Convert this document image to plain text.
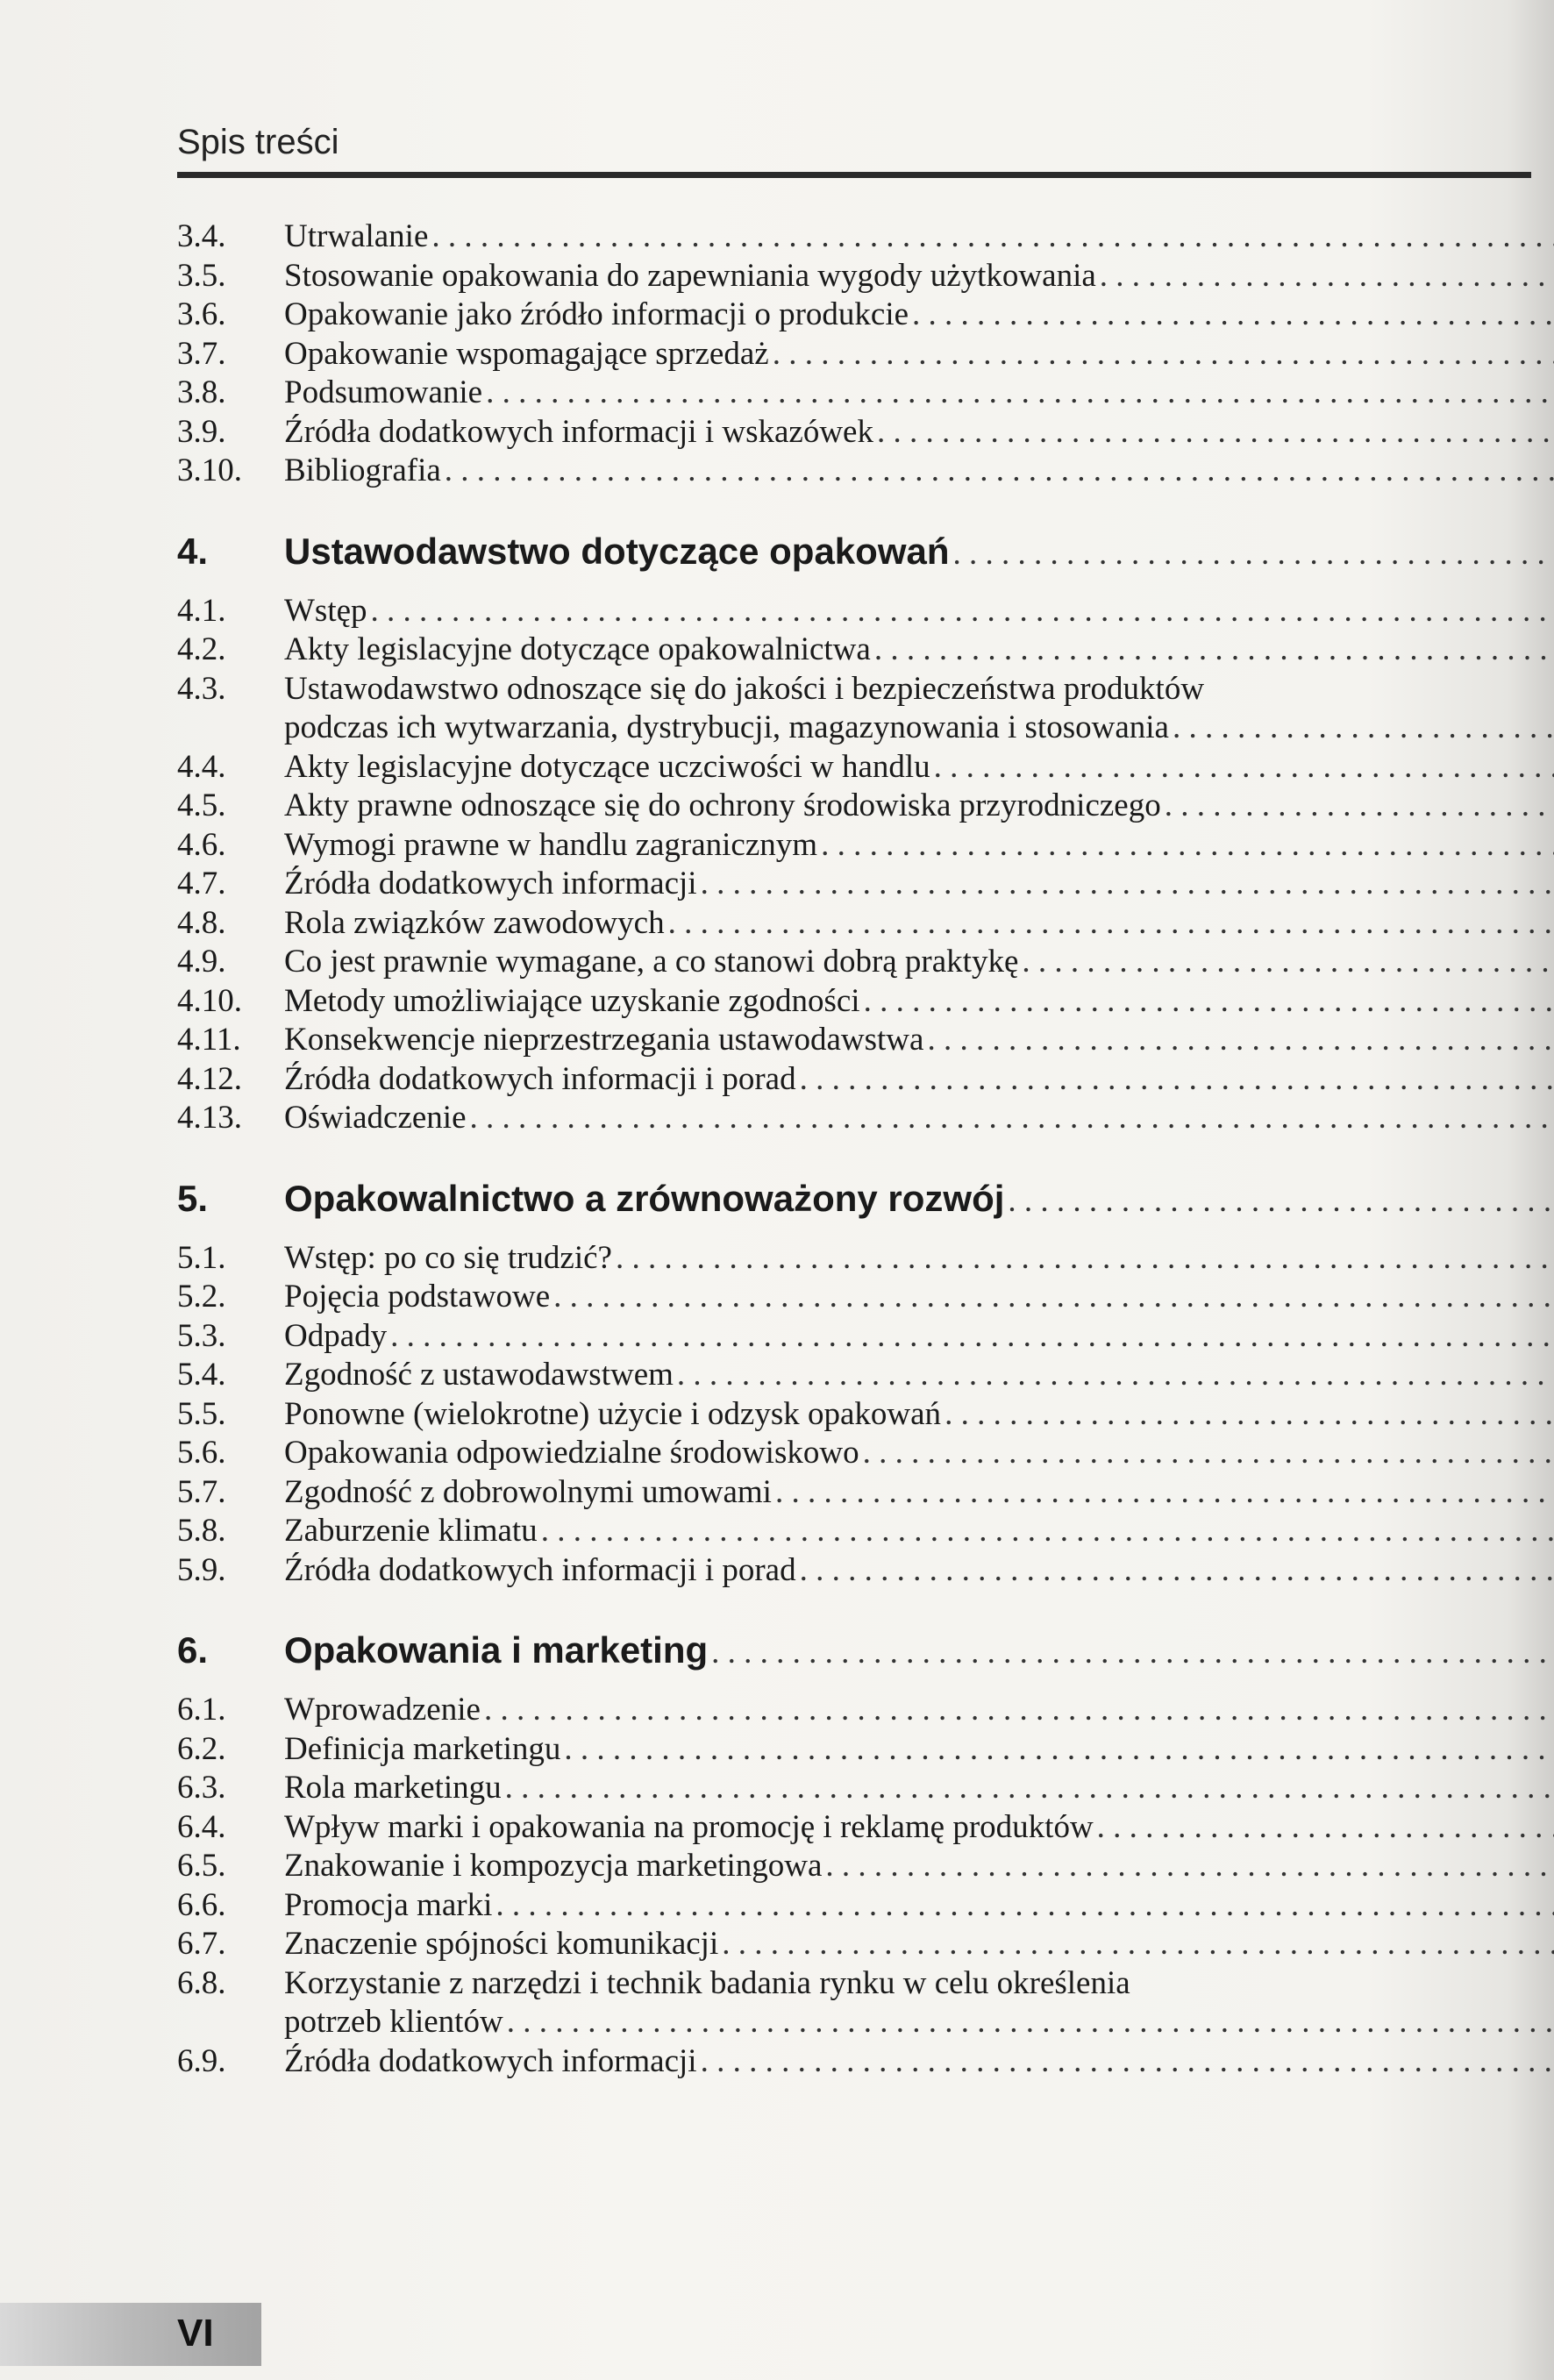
Spis treści
3.4.	Utrwalanie
. . .
3.5.	Stosowanie opakowania do zapewniania wygody użytkowania
. . .
3.6.	Opakowanie jako źródło informacji o produkcie
. . .
3.7.	Opakowanie wspomagające sprzedaż
. . .
3.8.	Podsumowanie
. . .
3.9.	Źródła dodatkowych informacji i wskazówek
. . .
3.10.	Bibliografia
. . .
4.	Ustawodawstwo dotyczące opakowań
. . .
4.1.	Wstęp
. . .
4.2.	Akty legislacyjne dotyczące opakowalnictwa
. . .
4.3.	Ustawodawstwo odnoszące się do jakości i bezpieczeństwa produktów
podczas ich wytwarzania, dystrybucji, magazynowania i stosowania
. . .
4.4.	Akty legislacyjne dotyczące uczciwości w handlu
. . .
4.5.	Akty prawne odnoszące się do ochrony środowiska przyrodniczego
. . .
4.6.	Wymogi prawne w handlu zagranicznym
. . .
4.7.	Źródła dodatkowych informacji
. . .
4.8.	Rola związków zawodowych
. . .
4.9.	Co jest prawnie wymagane, a co stanowi dobrą praktykę
. . .
4.10.	Metody umożliwiające uzyskanie zgodności
. . .
4.11.	Konsekwencje nieprzestrzegania ustawodawstwa
. . .
4.12.	Źródła dodatkowych informacji i porad
. . .
4.13.	Oświadczenie
. . .
5.	Opakowalnictwo a zrównoważony rozwój
. . .
5.1.	Wstęp: po co się trudzić?
. . .
5.2.	Pojęcia podstawowe
. . .
5.3.	Odpady
. . .
5.4.	Zgodność z ustawodawstwem
. . .
5.5.	Ponowne (wielokrotne) użycie i odzysk opakowań
. . .
5.6.	Opakowania odpowiedzialne środowiskowo
. . .
5.7.	Zgodność z dobrowolnymi umowami
. . .
5.8.	Zaburzenie klimatu
. . .
5.9.	Źródła dodatkowych informacji i porad
. . .
6.	Opakowania i marketing
. . .
6.1.	Wprowadzenie
. . .
6.2.	Definicja marketingu
. . .
6.3.	Rola marketingu
. . .
6.4.	Wpływ marki i opakowania na promocję i reklamę produktów
. . .
6.5.	Znakowanie i kompozycja marketingowa
. . .
6.6.	Promocja marki
. . .
6.7.	Znaczenie spójności komunikacji
. . .
6.8.	Korzystanie z narzędzi i technik badania rynku w celu określenia
potrzeb klientów
. . .
6.9.	Źródła dodatkowych informacji
. . .
VI
